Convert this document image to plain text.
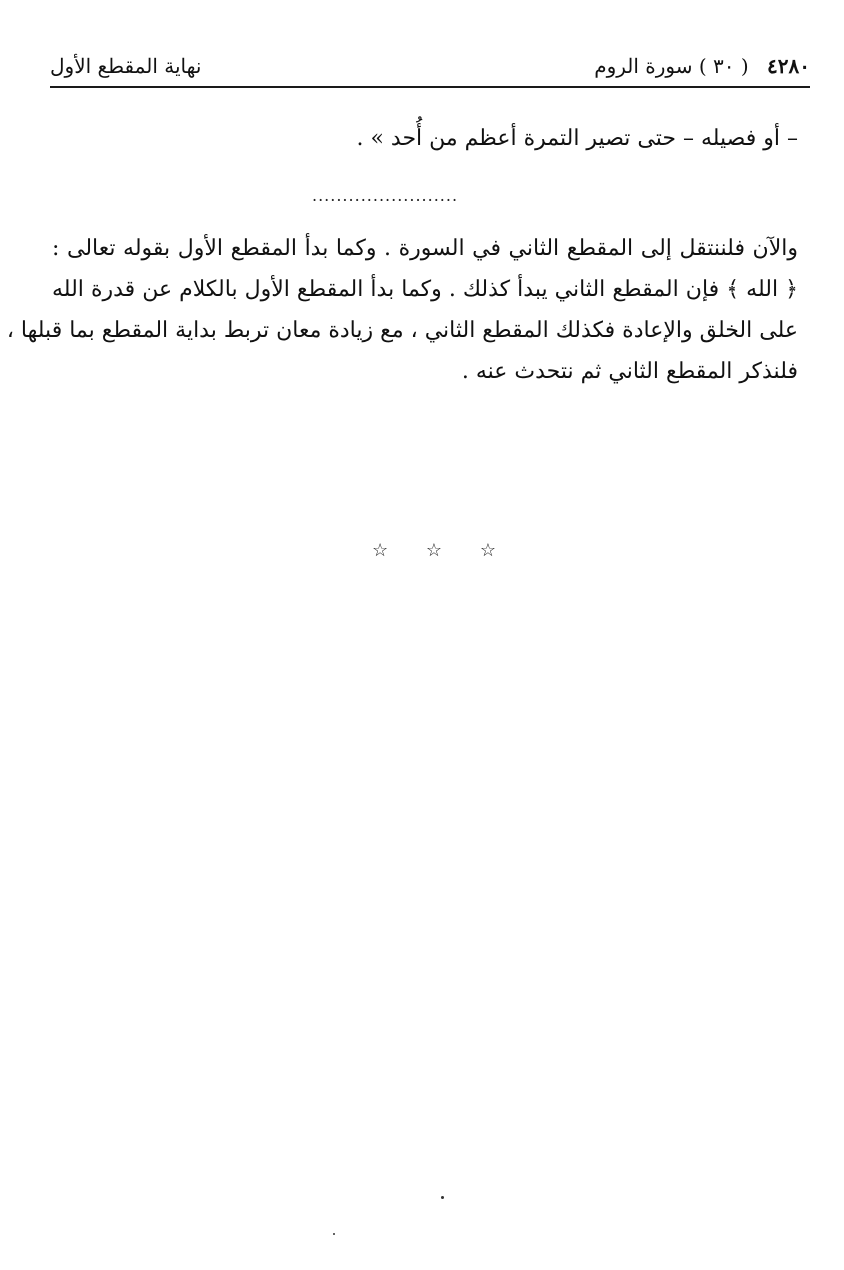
٤٢٨٠ ( ٣٠ ) سورة الروم
نهاية المقطع الأول
– أو فصيله – حتى تصير التمرة أعظم من أُحد » .
........................
والآن فلننتقل إلى المقطع الثاني في السورة . وكما بدأ المقطع الأول بقوله تعالى :
﴿ الله ﴾ فإن المقطع الثاني يبدأ كذلك . وكما بدأ المقطع الأول بالكلام عن قدرة الله
على الخلق والإعادة فكذلك المقطع الثاني ، مع زيادة معان تربط بداية المقطع بما قبلها ،
فلنذكر المقطع الثاني ثم نتحدث عنه .
☆ ☆ ☆
